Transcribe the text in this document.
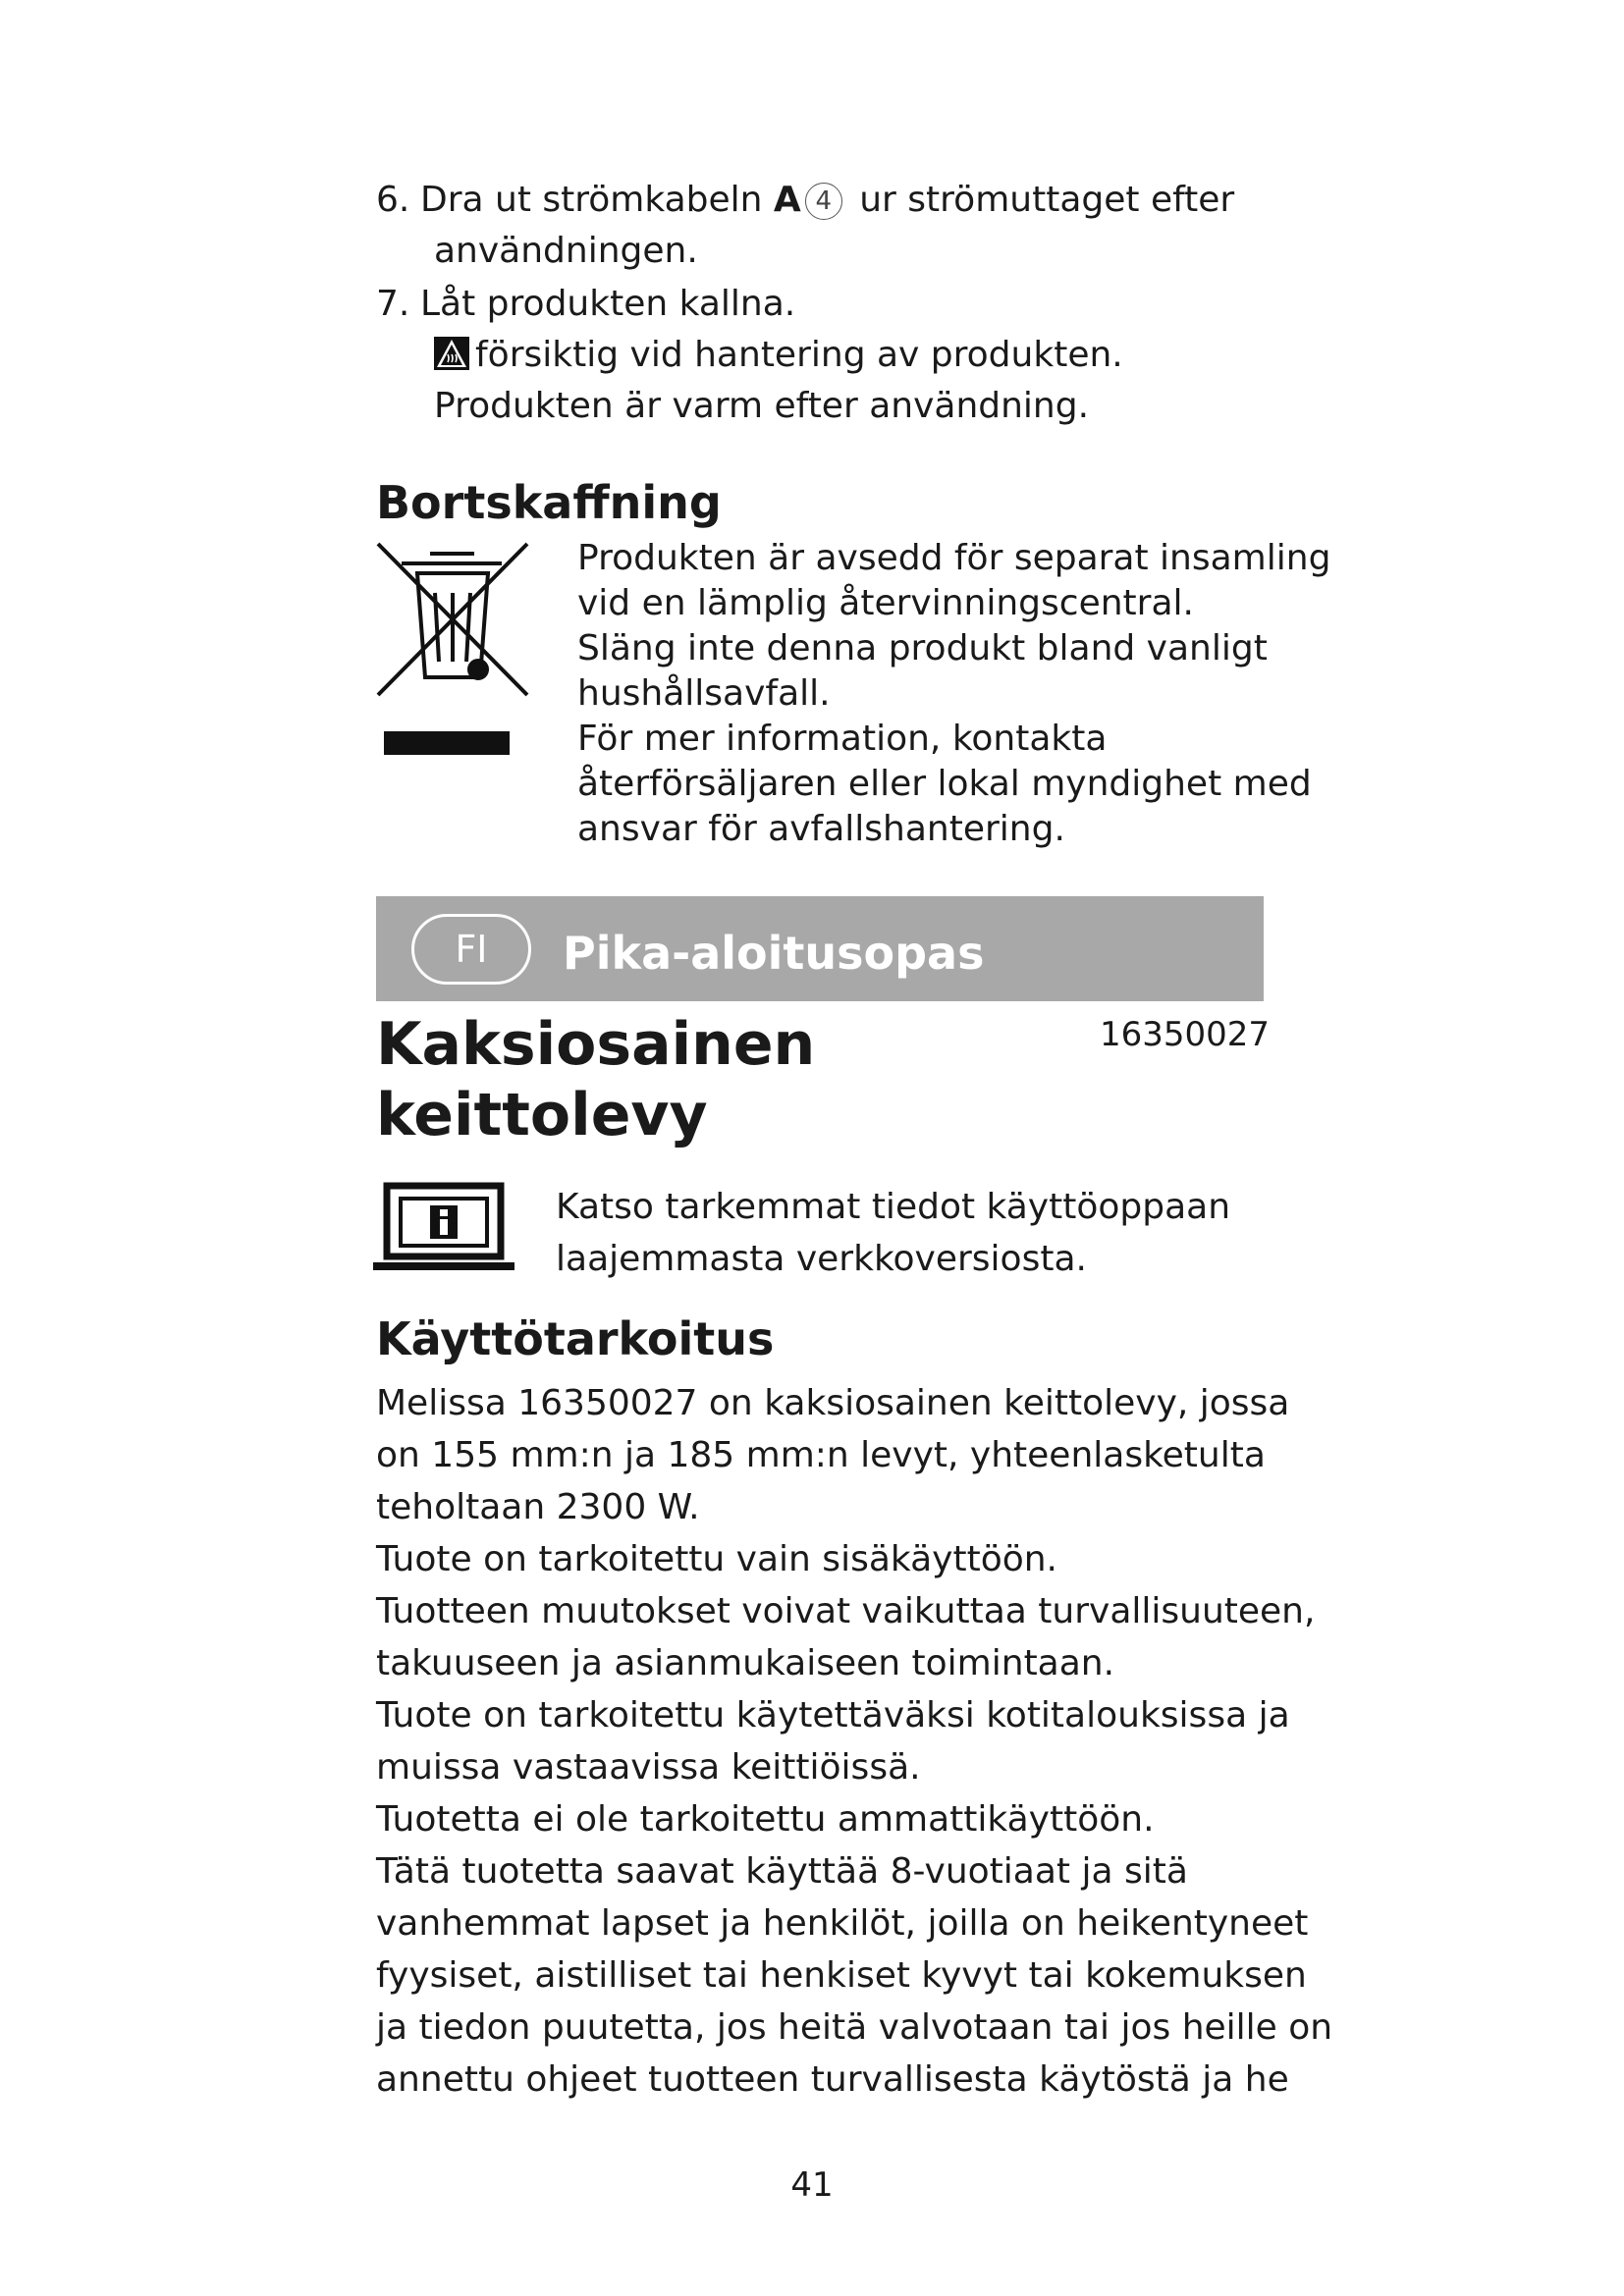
6. Dra ut strömkabeln A 4 ur strömuttaget efter
användningen.
7. Låt produkten kallna.
försiktig vid hantering av produkten.
Produkten är varm efter användning.
Bortskaffning
Produkten är avsedd för separat insamling
vid en lämplig återvinningscentral.
Släng inte denna produkt bland vanligt
hushållsavfall.
För mer information, kontakta
återförsäljaren eller lokal myndighet med
ansvar för avfallshantering.
FI	Pika-aloitusopas
Kaksiosainen
keittolevy
16350027
Katso tarkemmat tiedot käyttöoppaan
laajemmasta verkkoversiosta.
Käyttötarkoitus
Melissa 16350027 on kaksiosainen keittolevy, jossa
on 155 mm:n ja 185 mm:n levyt, yhteenlasketulta
teholtaan 2300 W.
Tuote on tarkoitettu vain sisäkäyttöön.
Tuotteen muutokset voivat vaikuttaa turvallisuuteen,
takuuseen ja asianmukaiseen toimintaan.
Tuote on tarkoitettu käytettäväksi kotitalouksissa ja
muissa vastaavissa keittiöissä.
Tuotetta ei ole tarkoitettu ammattikäyttöön.
Tätä tuotetta saavat käyttää 8-vuotiaat ja sitä
vanhemmat lapset ja henkilöt, joilla on heikentyneet
fyysiset, aistilliset tai henkiset kyvyt tai kokemuksen
ja tiedon puutetta, jos heitä valvotaan tai jos heille on
annettu ohjeet tuotteen turvallisesta käytöstä ja he
41
